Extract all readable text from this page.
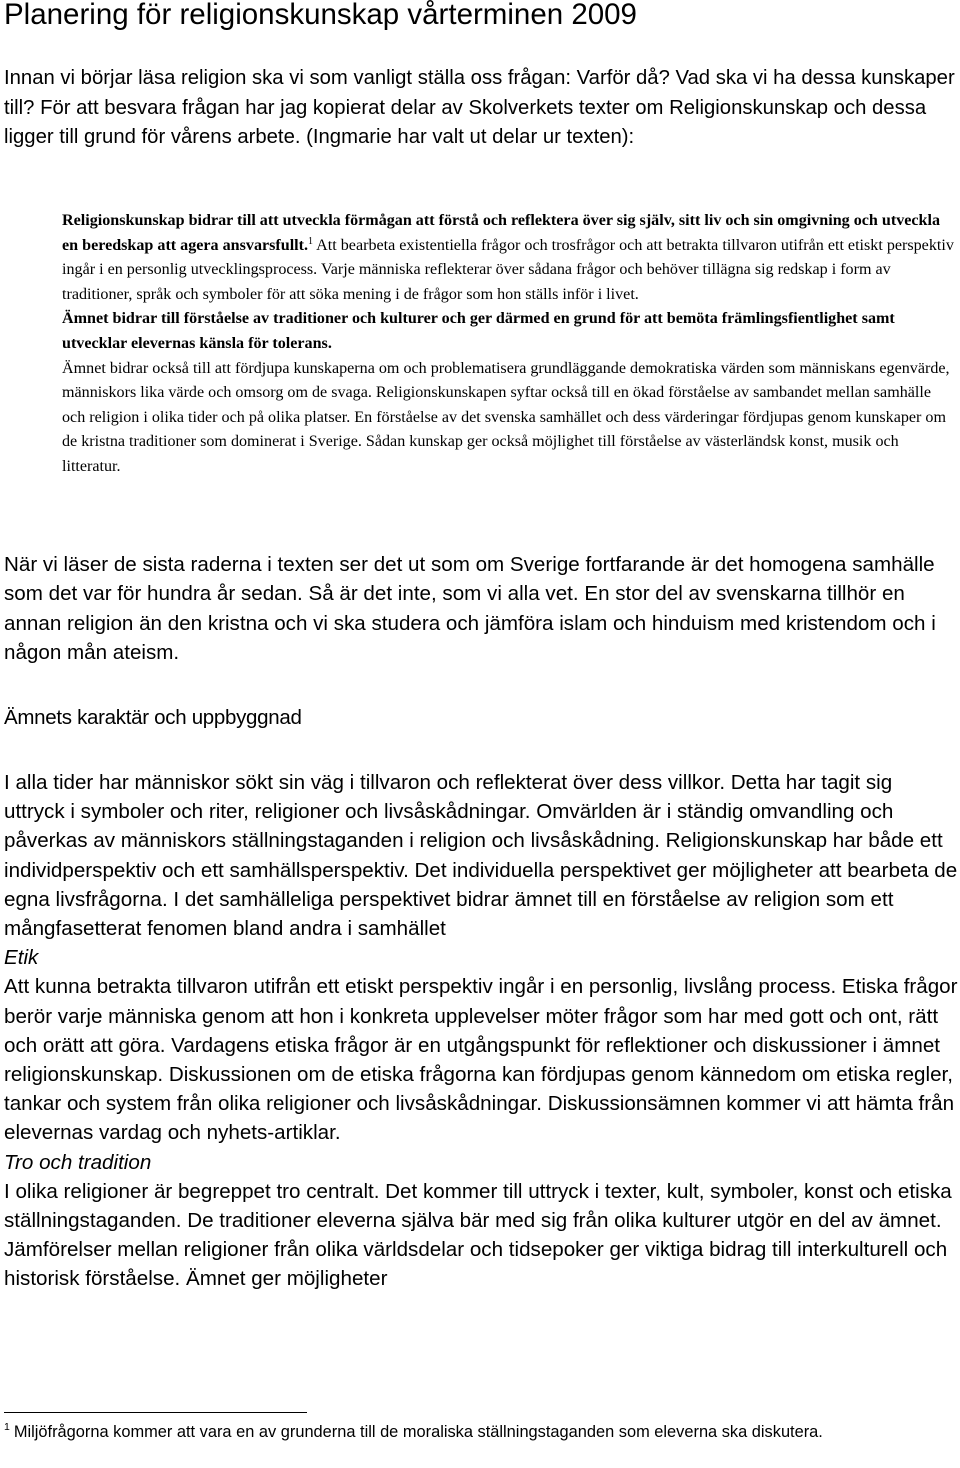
Planering för religionskunskap vårterminen 2009

Innan vi börjar läsa religion ska vi som vanligt ställa oss frågan: Varför då? Vad ska vi ha dessa kunskaper till? För att besvara frågan har jag kopierat delar av Skolverkets texter om Religionskunskap och dessa ligger till grund för vårens arbete. (Ingmarie har valt ut delar ur texten):

Religionskunskap bidrar till att utveckla förmågan att förstå och reflektera över sig själv, sitt liv och sin omgivning och utveckla en beredskap att agera ansvarsfullt.$^1$ Att bearbeta existentiella frågor och trosfrågor och att betrakta tillvaron utifrån ett etiskt perspektiv ingår i en personlig utvecklingsprocess. Varje människa reflekterar över sådana frågor och behöver tillägna sig redskap i form av traditioner, språk och symboler för att söka mening i de frågor som hon ställs inför i livet.
Ämnet bidrar till förståelse av traditioner och kulturer och ger därmed en grund för att bemöta främlingsfientlighet samt utvecklar elevernas känsla för tolerans.
Ämnet bidrar också till att fördjupa kunskaperna om och problematisera grundläggande demokratiska värden som människans egenvärde, människors lika värde och omsorg om de svaga. Religionskunskapen syftar också till en ökad förståelse av sambandet mellan samhälle och religion i olika tider och på olika platser. En förståelse av det svenska samhället och dess värderingar fördjupas genom kunskaper om de kristna traditioner som dominerat i Sverige. Sådan kunskap ger också möjlighet till förståelse av västerländsk konst, musik och litteratur.

När vi läser de sista raderna i texten ser det ut som om Sverige fortfarande är det homogena samhälle som det var för hundra år sedan. Så är det inte, som vi alla vet. En stor del av svenskarna tillhör en annan religion än den kristna och vi ska studera och jämföra islam och hinduism med kristendom och i någon mån ateism.

Ämnets karaktär och uppbyggnad

I alla tider har människor sökt sin väg i tillvaron och reflekterat över dess villkor. Detta har tagit sig uttryck i symboler och riter, religioner och livsåskådningar. Omvärlden är i ständig omvandling och påverkas av människors ställningstaganden i religion och livsåskådning. Religionskunskap har både ett individperspektiv och ett samhällsperspektiv. Det individuella perspektivet ger möjligheter att bearbeta de egna livsfrågorna. I det samhälleliga perspektivet bidrar ämnet till en förståelse av religion som ett mångfasetterat fenomen bland andra i samhället

Etik

Att kunna betrakta tillvaron utifrån ett etiskt perspektiv ingår i en personlig, livslång process. Etiska frågor berör varje människa genom att hon i konkreta upplevelser möter frågor som har med gott och ont, rätt och orätt att göra. Vardagens etiska frågor är en utgångspunkt för reflektioner och diskussioner i ämnet religionskunskap. Diskussionen om de etiska frågorna kan fördjupas genom kännedom om etiska regler, tankar och system från olika religioner och livsåskådningar. Diskussionsämnen kommer vi att hämta från elevernas vardag och nyhets-artiklar.

Tro och tradition

I olika religioner är begreppet tro centralt. Det kommer till uttryck i texter, kult, symboler, konst och etiska ställningstaganden. De traditioner eleverna själva bär med sig från olika kulturer utgör en del av ämnet. Jämförelser mellan religioner från olika världsdelar och tidsepoker ger viktiga bidrag till interkulturell och historisk förståelse. Ämnet ger möjligheter

$^1$ Miljöfrågorna kommer att vara en av grunderna till de moraliska ställningstaganden som eleverna ska diskutera.
